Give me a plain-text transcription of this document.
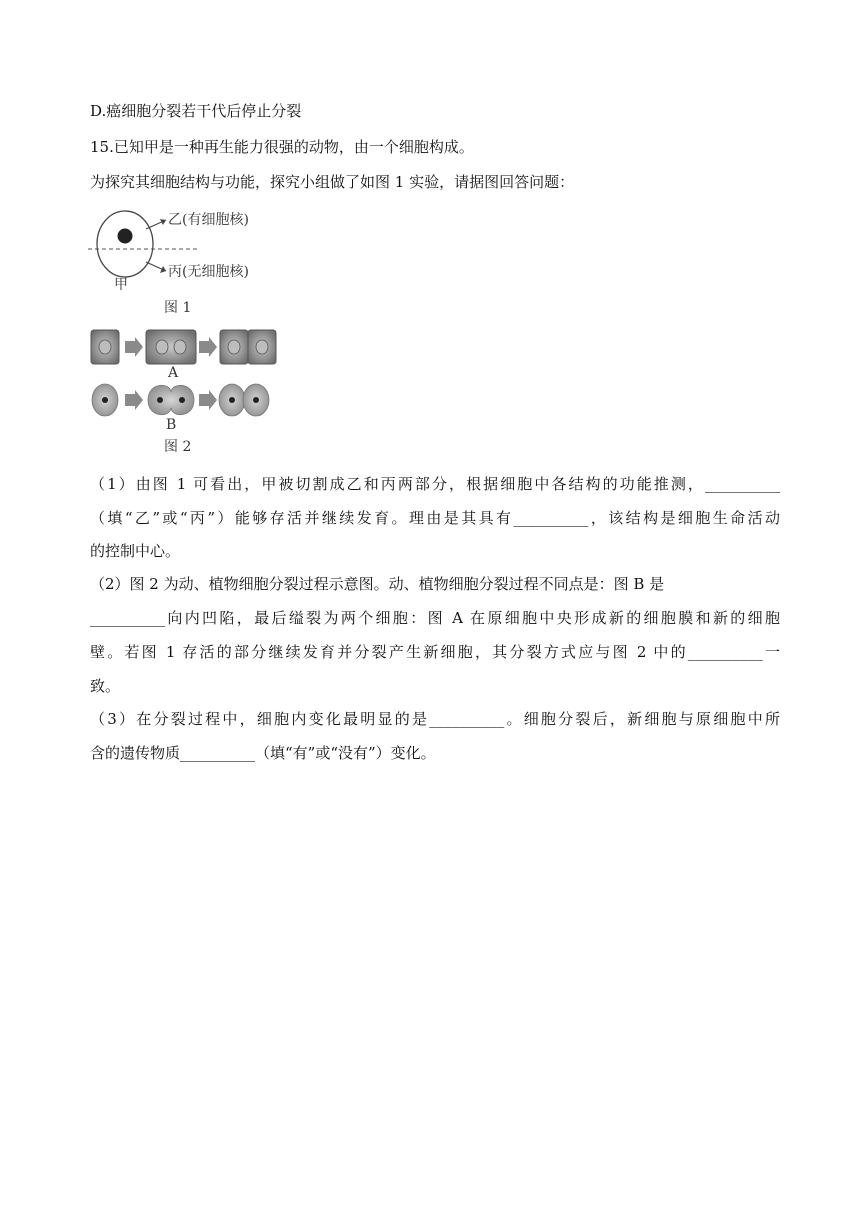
D.癌细胞分裂若干代后停止分裂
15.已知甲是一种再生能力很强的动物，由一个细胞构成。
为探究其细胞结构与功能，探究小组做了如图 1 实验，请据图回答问题：
乙(有细胞核)
丙(无细胞核)
甲
图 1
A
B
图 2
（1）由图 1 可看出，甲被切割成乙和丙两部分，根据细胞中各结构的功能推测，__________
（填“乙”或“丙”）能够存活并继续发育。理由是其具有__________，该结构是细胞生命活动
的控制中心。
（2）图 2 为动、植物细胞分裂过程示意图。动、植物细胞分裂过程不同点是：图 B 是
__________向内凹陷，最后缢裂为两个细胞：图 A 在原细胞中央形成新的细胞膜和新的细胞
壁。若图 1 存活的部分继续发育并分裂产生新细胞，其分裂方式应与图 2 中的__________一
致。
（3）在分裂过程中，细胞内变化最明显的是__________。细胞分裂后，新细胞与原细胞中所
含的遗传物质__________（填“有”或“没有”）变化。
